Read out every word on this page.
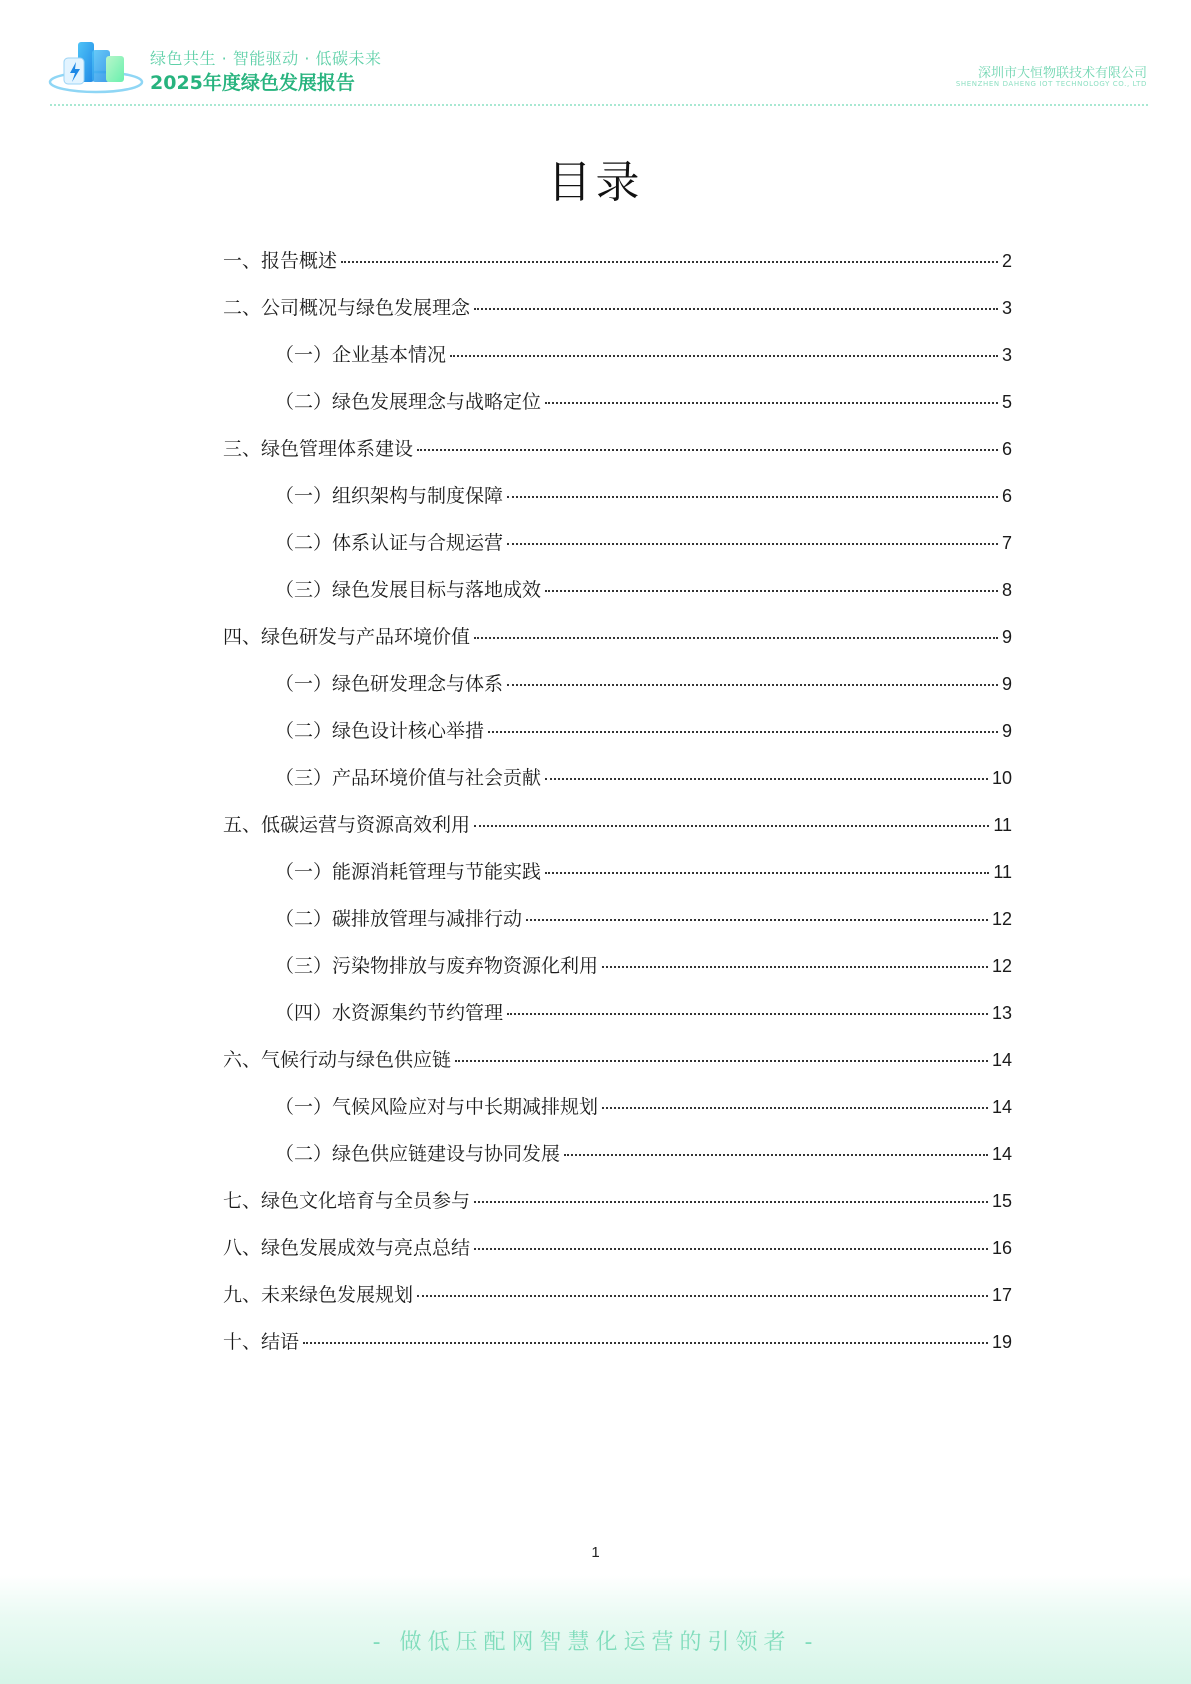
绿色共生 · 智能驱动 · 低碳未来
2025年度绿色发展报告	深圳市大恒物联技术有限公司
SHENZHEN DAHENG IOT TECHNOLOGY CO., LTD
目录
一、报告概述	2
二、公司概况与绿色发展理念	3
（一）企业基本情况	3
（二）绿色发展理念与战略定位	5
三、绿色管理体系建设	6
（一）组织架构与制度保障	6
（二）体系认证与合规运营	7
（三）绿色发展目标与落地成效	8
四、绿色研发与产品环境价值	9
（一）绿色研发理念与体系	9
（二）绿色设计核心举措	9
（三）产品环境价值与社会贡献	10
五、低碳运营与资源高效利用	11
（一）能源消耗管理与节能实践	11
（二）碳排放管理与减排行动	12
（三）污染物排放与废弃物资源化利用	12
（四）水资源集约节约管理	13
六、气候行动与绿色供应链	14
（一）气候风险应对与中长期减排规划	14
（二）绿色供应链建设与协同发展	14
七、绿色文化培育与全员参与	15
八、绿色发展成效与亮点总结	16
九、未来绿色发展规划	17
十、结语	19
1
- 做低压配网智慧化运营的引领者 -
